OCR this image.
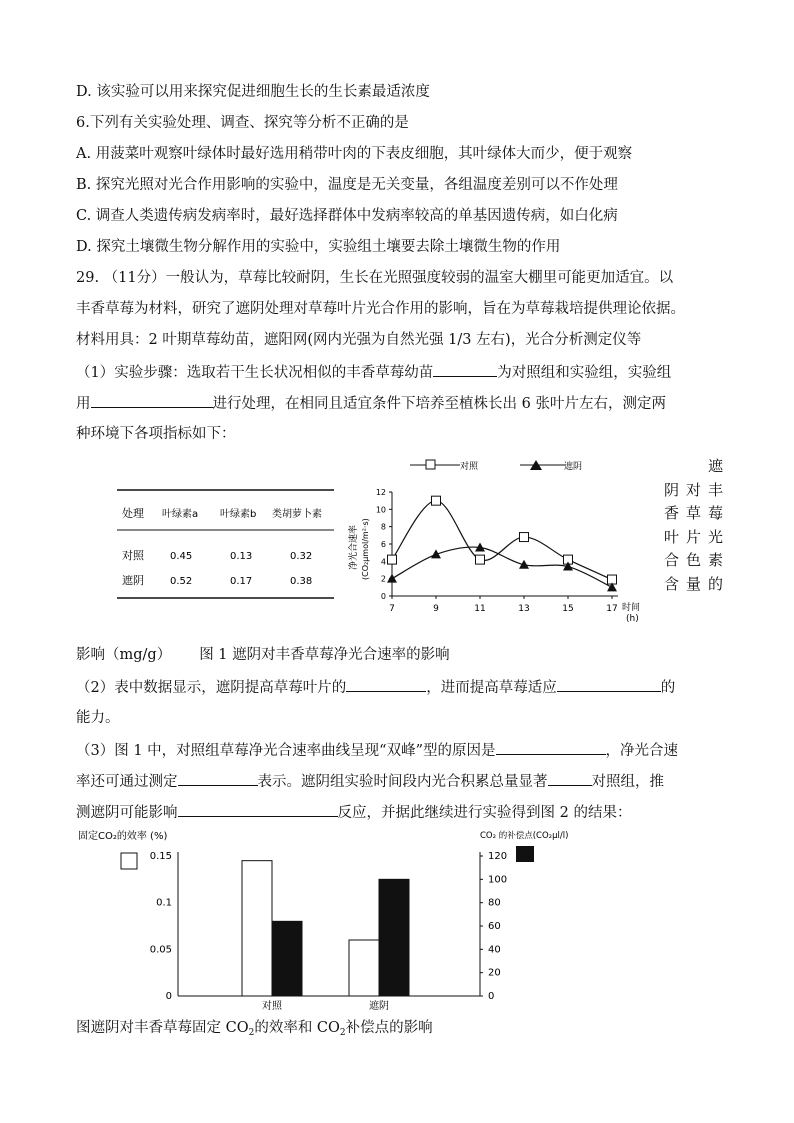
D. 该实验可以用来探究促进细胞生长的生长素最适浓度
6.下列有关实验处理、调查、探究等分析不正确的是
A. 用菠菜叶观察叶绿体时最好选用稍带叶肉的下表皮细胞，其叶绿体大而少，便于观察
B. 探究光照对光合作用影响的实验中，温度是无关变量，各组温度差别可以不作处理
C. 调查人类遗传病发病率时，最好选择群体中发病率较高的单基因遗传病，如白化病
D. 探究土壤微生物分解作用的实验中，实验组土壤要去除土壤微生物的作用
29. （11分）一般认为，草莓比较耐阴，生长在光照强度较弱的温室大棚里可能更加适宜。以
丰香草莓为材料，研究了遮阴处理对草莓叶片光合作用的影响，旨在为草莓栽培提供理论依据。
材料用具：2 叶期草莓幼苗，遮阳网(网内光强为自然光强 1/3 左右)，光合分析测定仪等
（1）实验步骤：选取若干生长状况相似的丰香草莓幼苗	为对照组和实验组，实验组
用	进行处理，在相同且适宜条件下培养至植株长出 6 张叶片左右，测定两
种环境下各项指标如下：
处理 叶绿素a 叶绿素b 类胡萝卜素
对照	0.45	0.13	0.32
遮阴	0.52	0.17	0.38
对照	遮阴
净光合速率 (CO₂μmol/m²·s)
时间
(h)
0
2
4
6
8
10
12
7	9	11	13	15	17
遮
阴 对 丰
香 草 莓
叶 片 光
合 色 素
含 量 的
影响（mg/g） 图 1 遮阴对丰香草莓净光合速率的影响
（2）表中数据显示，遮阴提高草莓叶片的	，进而提高草莓适应	的
能力。
（3）图 1 中，对照组草莓净光合速率曲线呈现“双峰”型的原因是	，净光合速
率还可通过测定	表示。遮阴组实验时间段内光合积累总量显著	对照组，推
测遮阴可能影响	反应，并据此继续进行实验得到图 2 的结果：
固定CO₂的效率 (%)	CO₂ 的补偿点(CO₂μl/l)
0
0.05
0.1
0.15
0
20
40
60
80
100
120
对照	遮阴
图遮阴对丰香草莓固定 $CO_2$的效率和 $CO_2$补偿点的影响
